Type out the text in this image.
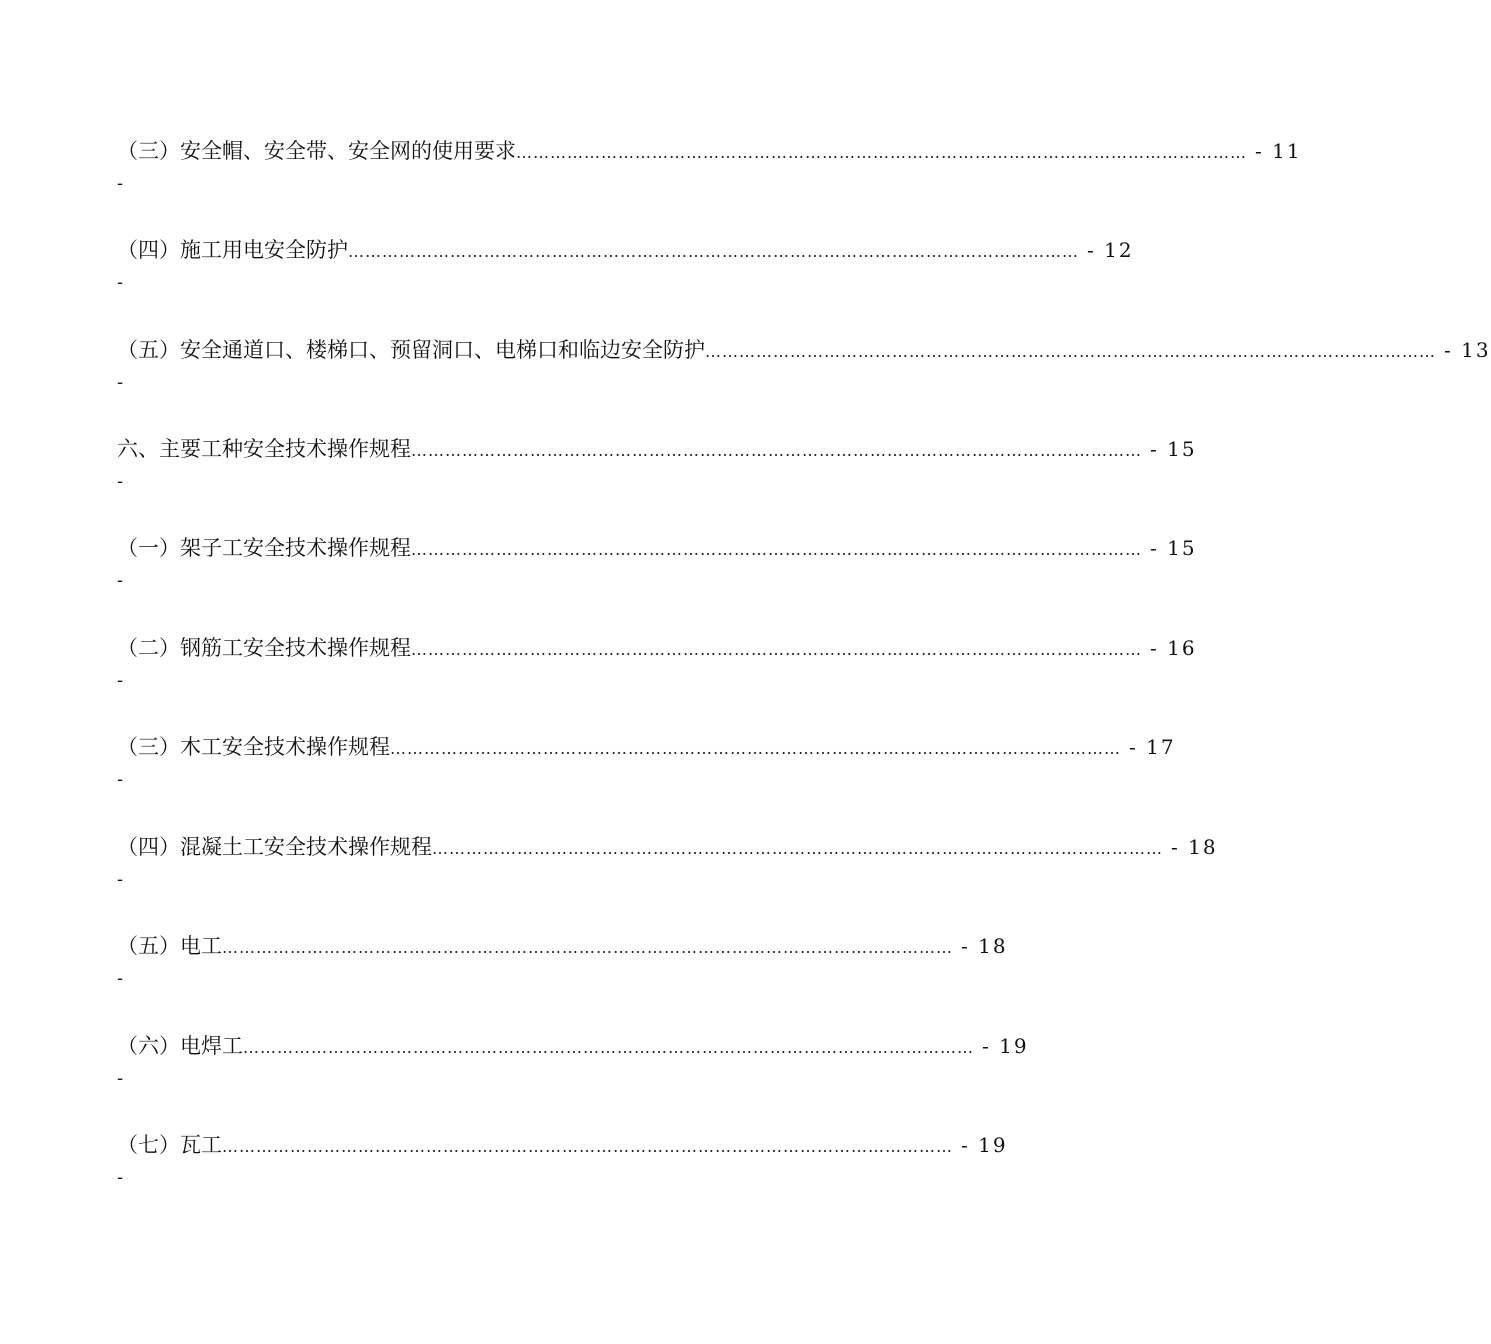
（三）安全帽、安全带、安全网的使用要求 ………………………………………………………………………………………………………………… - 11
-
（四）施工用电安全防护 ………………………………………………………………………………………………………………… - 12
-
（五）安全通道口、楼梯口、预留洞口、电梯口和临边安全防护 ………………………………………………………………………………………………………………… - 13
-
六、主要工种安全技术操作规程 ………………………………………………………………………………………………………………… - 15
-
（一）架子工安全技术操作规程 ………………………………………………………………………………………………………………… - 15
-
（二）钢筋工安全技术操作规程 ………………………………………………………………………………………………………………… - 16
-
（三）木工安全技术操作规程 ………………………………………………………………………………………………………………… - 17
-
（四）混凝土工安全技术操作规程 ………………………………………………………………………………………………………………… - 18
-
（五）电工 ………………………………………………………………………………………………………………… - 18
-
（六）电焊工 ………………………………………………………………………………………………………………… - 19
-
（七）瓦工 ………………………………………………………………………………………………………………… - 19
-
